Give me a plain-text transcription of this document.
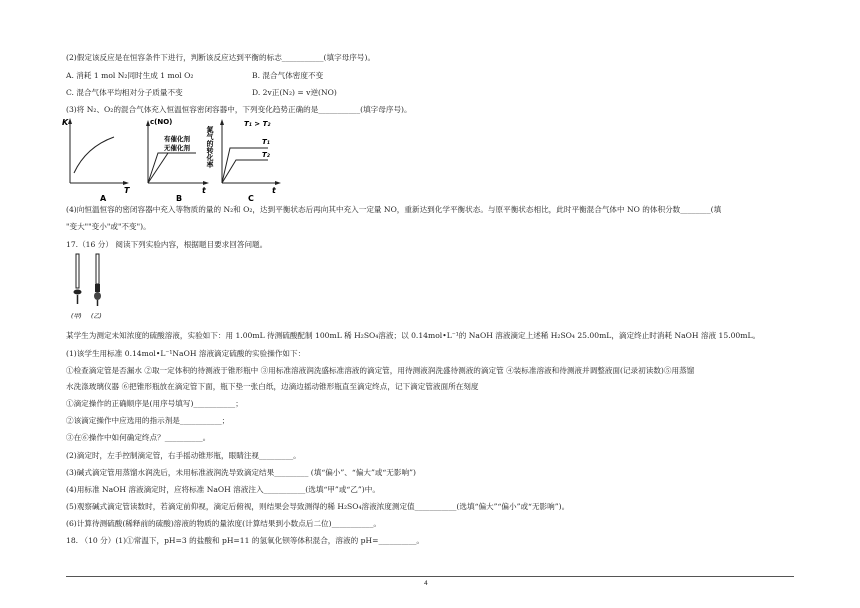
(2)假定该反应是在恒容条件下进行，判断该反应达到平衡的标志___________(填字母序号)。
A. 消耗 1 mol N₂同时生成 1 mol O₂	B. 混合气体密度不变
C. 混合气体平均相对分子质量不变	D. 2v正(N₂) = v逆(NO)
(3)将 N₂、O₂的混合气体充入恒温恒容密闭容器中，下列变化趋势正确的是___________(填字母序号)。
K
T
A
c(NO)
有催化剂
无催化剂
t
B
氮气的转化率
T₁ > T₂
T₁
T₂
t
C
(4)向恒温恒容的密闭容器中充入等物质的量的 N₂和 O₂，达到平衡状态后再向其中充入一定量 NO，重新达到化学平衡状态。与原平衡状态相比，此时平衡混合气体中 NO 的体积分数________(填
"变大""变小"或"不变")。
17.（16 分） 阅读下列实验内容，根据题目要求回答问题。
(甲) (乙)
某学生为测定未知浓度的硫酸溶液，实验如下：用 1.00mL 待测硫酸配制 100mL 稀 H₂SO₄溶液；以 0.14mol•L⁻¹的 NaOH 溶液滴定上述稀 H₂SO₄ 25.00mL，滴定终止时消耗 NaOH 溶液 15.00mL。
(1)该学生用标准 0.14mol•L⁻¹NaOH 溶液滴定硫酸的实验操作如下：
①检查滴定管是否漏水 ②取一定体积的待测液于锥形瓶中 ③用标准溶液润洗盛标准溶液的滴定管，用待测液润洗盛待测液的滴定管 ④装标准溶液和待测液并调整液面(记录初读数)⑤用蒸馏
水洗涤玻璃仪器 ⑥把锥形瓶放在滴定管下面，瓶下垫一张白纸，边滴边摇动锥形瓶直至滴定终点，记下滴定管液面所在刻度
①滴定操作的正确顺序是(用序号填写)___________；
②该滴定操作中应选用的指示剂是___________；
③在⑥操作中如何确定终点？__________。
(2)滴定时，左手控制滴定管，右手摇动锥形瓶，眼睛注视_________。
(3)碱式滴定管用蒸馏水润洗后，未用标准液润洗导致滴定结果_________ (填“偏小”、“偏大”或“无影响”)
(4)用标准 NaOH 溶液滴定时，应将标准 NaOH 溶液注入___________(选填“甲”或“乙”)中。
(5)观察碱式滴定管读数时，若滴定前仰视，滴定后俯视，则结果会导致测得的稀 H₂SO₄溶液浓度测定值___________(选填“偏大”“偏小”或“无影响”)。
(6)计算待测硫酸(稀释前的硫酸)溶液的物质的量浓度(计算结果到小数点后二位)___________。
18. （10 分）(1)①常温下，pH=3 的盐酸和 pH=11 的氢氧化钡等体积混合，溶液的 pH=__________。
4
